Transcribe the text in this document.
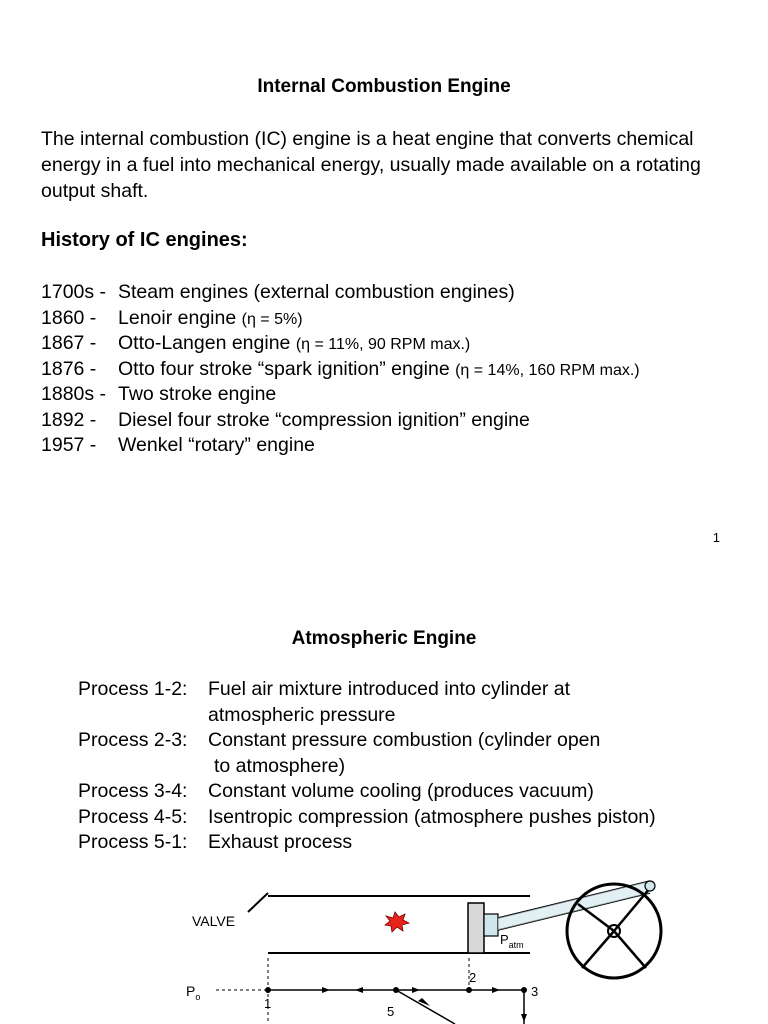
Internal Combustion Engine
The internal combustion (IC) engine is a heat engine that converts chemical energy in a fuel into mechanical energy, usually made available on a rotating output shaft.
History of IC engines:
1700s - Steam engines (external combustion engines)
1860 - Lenoir engine (η = 5%)
1867 - Otto-Langen engine (η = 11%, 90 RPM max.)
1876 - Otto four stroke “spark ignition” engine (η = 14%, 160 RPM max.)
1880s - Two stroke engine
1892 - Diesel four stroke “compression ignition” engine
1957 - Wenkel “rotary” engine
1
Atmospheric Engine
Process 1-2: Fuel air mixture introduced into cylinder at
atmospheric pressure
Process 2-3: Constant pressure combustion (cylinder open
to atmosphere)
Process 3-4: Constant volume cooling (produces vacuum)
Process 4-5: Isentropic compression (atmosphere pushes piston)
Process 5-1: Exhaust process
VALVE
$P_{atm}$
$P_o$	1
2
3
5
